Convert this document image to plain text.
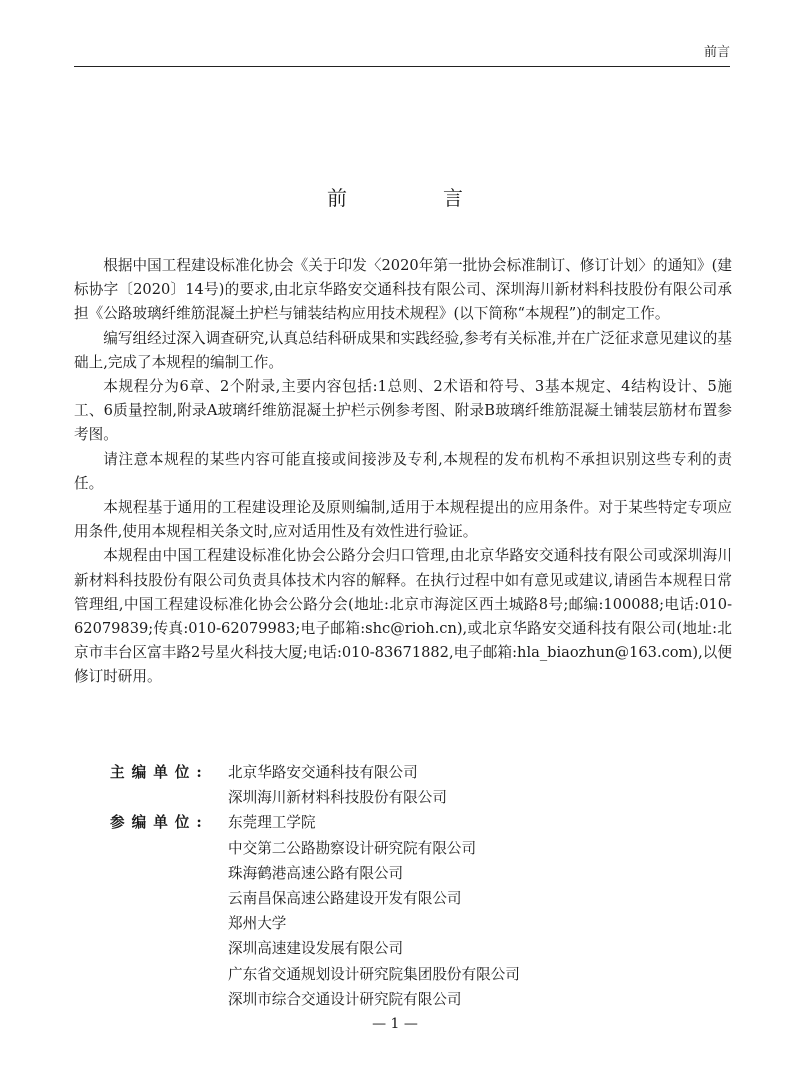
前言
前　言

根据中国工程建设标准化协会《关于印发〈2020年第一批协会标准制订、修订计划〉的通知》(建标协字〔2020〕14号)的要求,由北京华路安交通科技有限公司、深圳海川新材料科技股份有限公司承担《公路玻璃纤维筋混凝土护栏与铺装结构应用技术规程》(以下简称“本规程”)的制定工作。

编写组经过深入调查研究,认真总结科研成果和实践经验,参考有关标准,并在广泛征求意见建议的基础上,完成了本规程的编制工作。

本规程分为6章、2个附录,主要内容包括:1总则、2术语和符号、3基本规定、4结构设计、5施工、6质量控制,附录A玻璃纤维筋混凝土护栏示例参考图、附录B玻璃纤维筋混凝土铺装层筋材布置参考图。

请注意本规程的某些内容可能直接或间接涉及专利,本规程的发布机构不承担识别这些专利的责任。

本规程基于通用的工程建设理论及原则编制,适用于本规程提出的应用条件。对于某些特定专项应用条件,使用本规程相关条文时,应对适用性及有效性进行验证。

本规程由中国工程建设标准化协会公路分会归口管理,由北京华路安交通科技有限公司或深圳海川新材料科技股份有限公司负责具体技术内容的解释。在执行过程中如有意见或建议,请函告本规程日常管理组,中国工程建设标准化协会公路分会(地址:北京市海淀区西土城路8号;邮编:100088;电话:010-62079839;传真:010-62079983;电子邮箱:shc@rioh.cn),或北京华路安交通科技有限公司(地址:北京市丰台区富丰路2号星火科技大厦;电话:010-83671882,电子邮箱:hla_biaozhun@163.com),以便修订时研用。

主编单位:	北京华路安交通科技有限公司
深圳海川新材料科技股份有限公司
参编单位:	东莞理工学院
中交第二公路勘察设计研究院有限公司
珠海鹤港高速公路有限公司
云南昌保高速公路建设开发有限公司
郑州大学
深圳高速建设发展有限公司
广东省交通规划设计研究院集团股份有限公司
深圳市综合交通设计研究院有限公司
— 1 —
